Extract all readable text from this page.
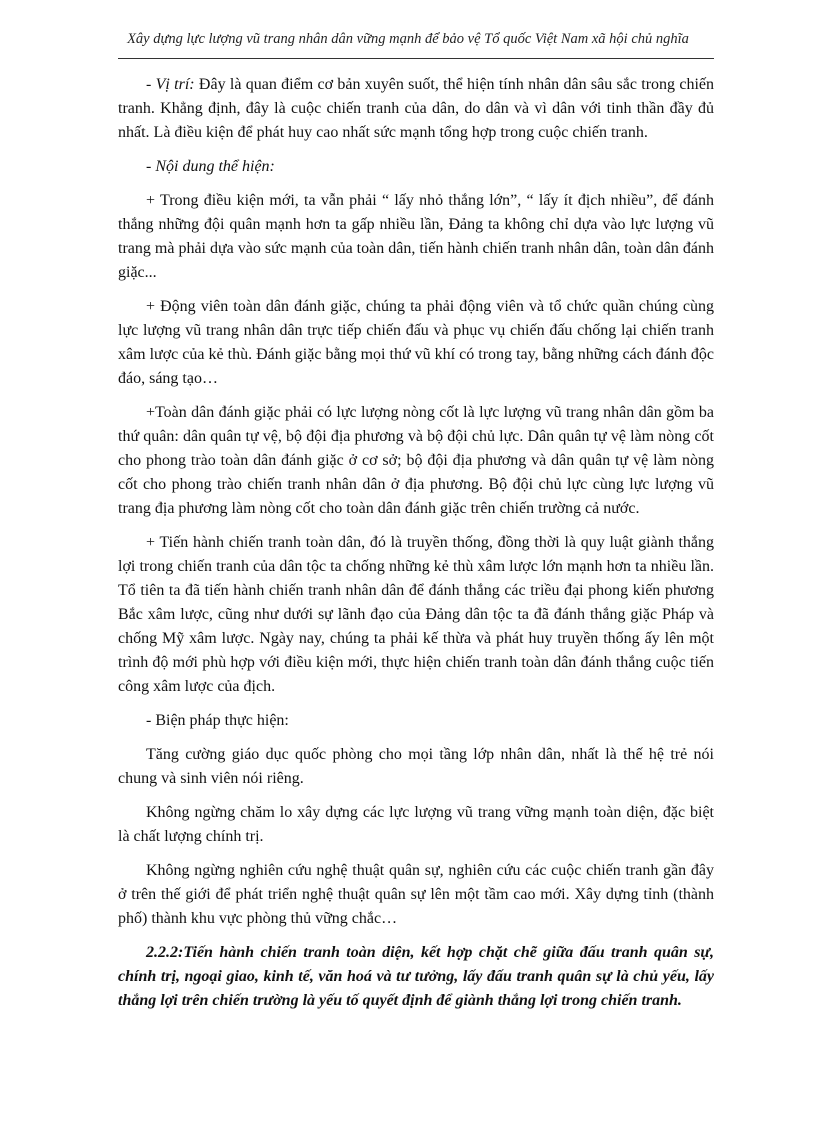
Xây dựng lực lượng vũ trang nhân dân vững mạnh để bảo vệ Tổ quốc Việt Nam xã hội chủ nghĩa

- Vị trí: Đây là quan điểm cơ bản xuyên suốt, thể hiện tính nhân dân sâu sắc trong chiến tranh. Khẳng định, đây là cuộc chiến tranh của dân, do dân và vì dân với tinh thần đầy đủ nhất. Là điều kiện để phát huy cao nhất sức mạnh tổng hợp trong cuộc chiến tranh.

- Nội dung thể hiện:

+ Trong điều kiện mới, ta vẫn phải “ lấy nhỏ thắng lớn”, “ lấy ít địch nhiều”, để đánh thắng những đội quân mạnh hơn ta gấp nhiều lần, Đảng ta không chỉ dựa vào lực lượng vũ trang mà phải dựa vào sức mạnh của toàn dân, tiến hành chiến tranh nhân dân, toàn dân đánh giặc...

+ Động viên toàn dân đánh giặc, chúng ta phải động viên và tổ chức quần chúng cùng lực lượng vũ trang nhân dân trực tiếp chiến đấu và phục vụ chiến đấu chống lại chiến tranh xâm lược của kẻ thù. Đánh giặc bằng mọi thứ vũ khí có trong tay, bằng những cách đánh độc đáo, sáng tạo…

+Toàn dân đánh giặc phải có lực lượng nòng cốt là lực lượng vũ trang nhân dân gồm ba thứ quân: dân quân tự vệ, bộ đội địa phương và bộ đội chủ lực. Dân quân tự vệ làm nòng cốt cho phong trào toàn dân đánh giặc ở cơ sở; bộ đội địa phương và dân quân tự vệ làm nòng cốt cho phong trào chiến tranh nhân dân ở địa phương. Bộ đội chủ lực cùng lực lượng vũ trang địa phương làm nòng cốt cho toàn dân đánh giặc trên chiến trường cả nước.

+ Tiến hành chiến tranh toàn dân, đó là truyền thống, đồng thời là quy luật giành thắng lợi trong chiến tranh của dân tộc ta chống những kẻ thù xâm lược lớn mạnh hơn ta nhiều lần. Tổ tiên ta đã tiến hành chiến tranh nhân dân để đánh thắng các triều đại phong kiến phương Bắc xâm lược, cũng như dưới sự lãnh đạo của Đảng dân tộc ta đã đánh thắng giặc Pháp và chống Mỹ xâm lược. Ngày nay, chúng ta phải kế thừa và phát huy truyền thống ấy lên một trình độ mới phù hợp với điều kiện mới, thực hiện chiến tranh toàn dân đánh thắng cuộc tiến công xâm lược của địch.

- Biện pháp thực hiện:

Tăng cường giáo dục quốc phòng cho mọi tầng lớp nhân dân, nhất là thế hệ trẻ nói chung và sinh viên nói riêng.

Không ngừng chăm lo xây dựng các lực lượng vũ trang vững mạnh toàn diện, đặc biệt là chất lượng chính trị.

Không ngừng nghiên cứu nghệ thuật quân sự, nghiên cứu các cuộc chiến tranh gần đây ở trên thế giới để phát triển nghệ thuật quân sự lên một tầm cao mới. Xây dựng tỉnh (thành phố) thành khu vực phòng thủ vững chắc…

2.2.2:Tiến hành chiến tranh toàn diện, kết hợp chặt chẽ giữa đấu tranh quân sự, chính trị, ngoại giao, kinh tế, văn hoá và tư tưởng, lấy đấu tranh quân sự là chủ yếu, lấy thắng lợi trên chiến trường là yếu tố quyết định để giành thắng lợi trong chiến tranh.
